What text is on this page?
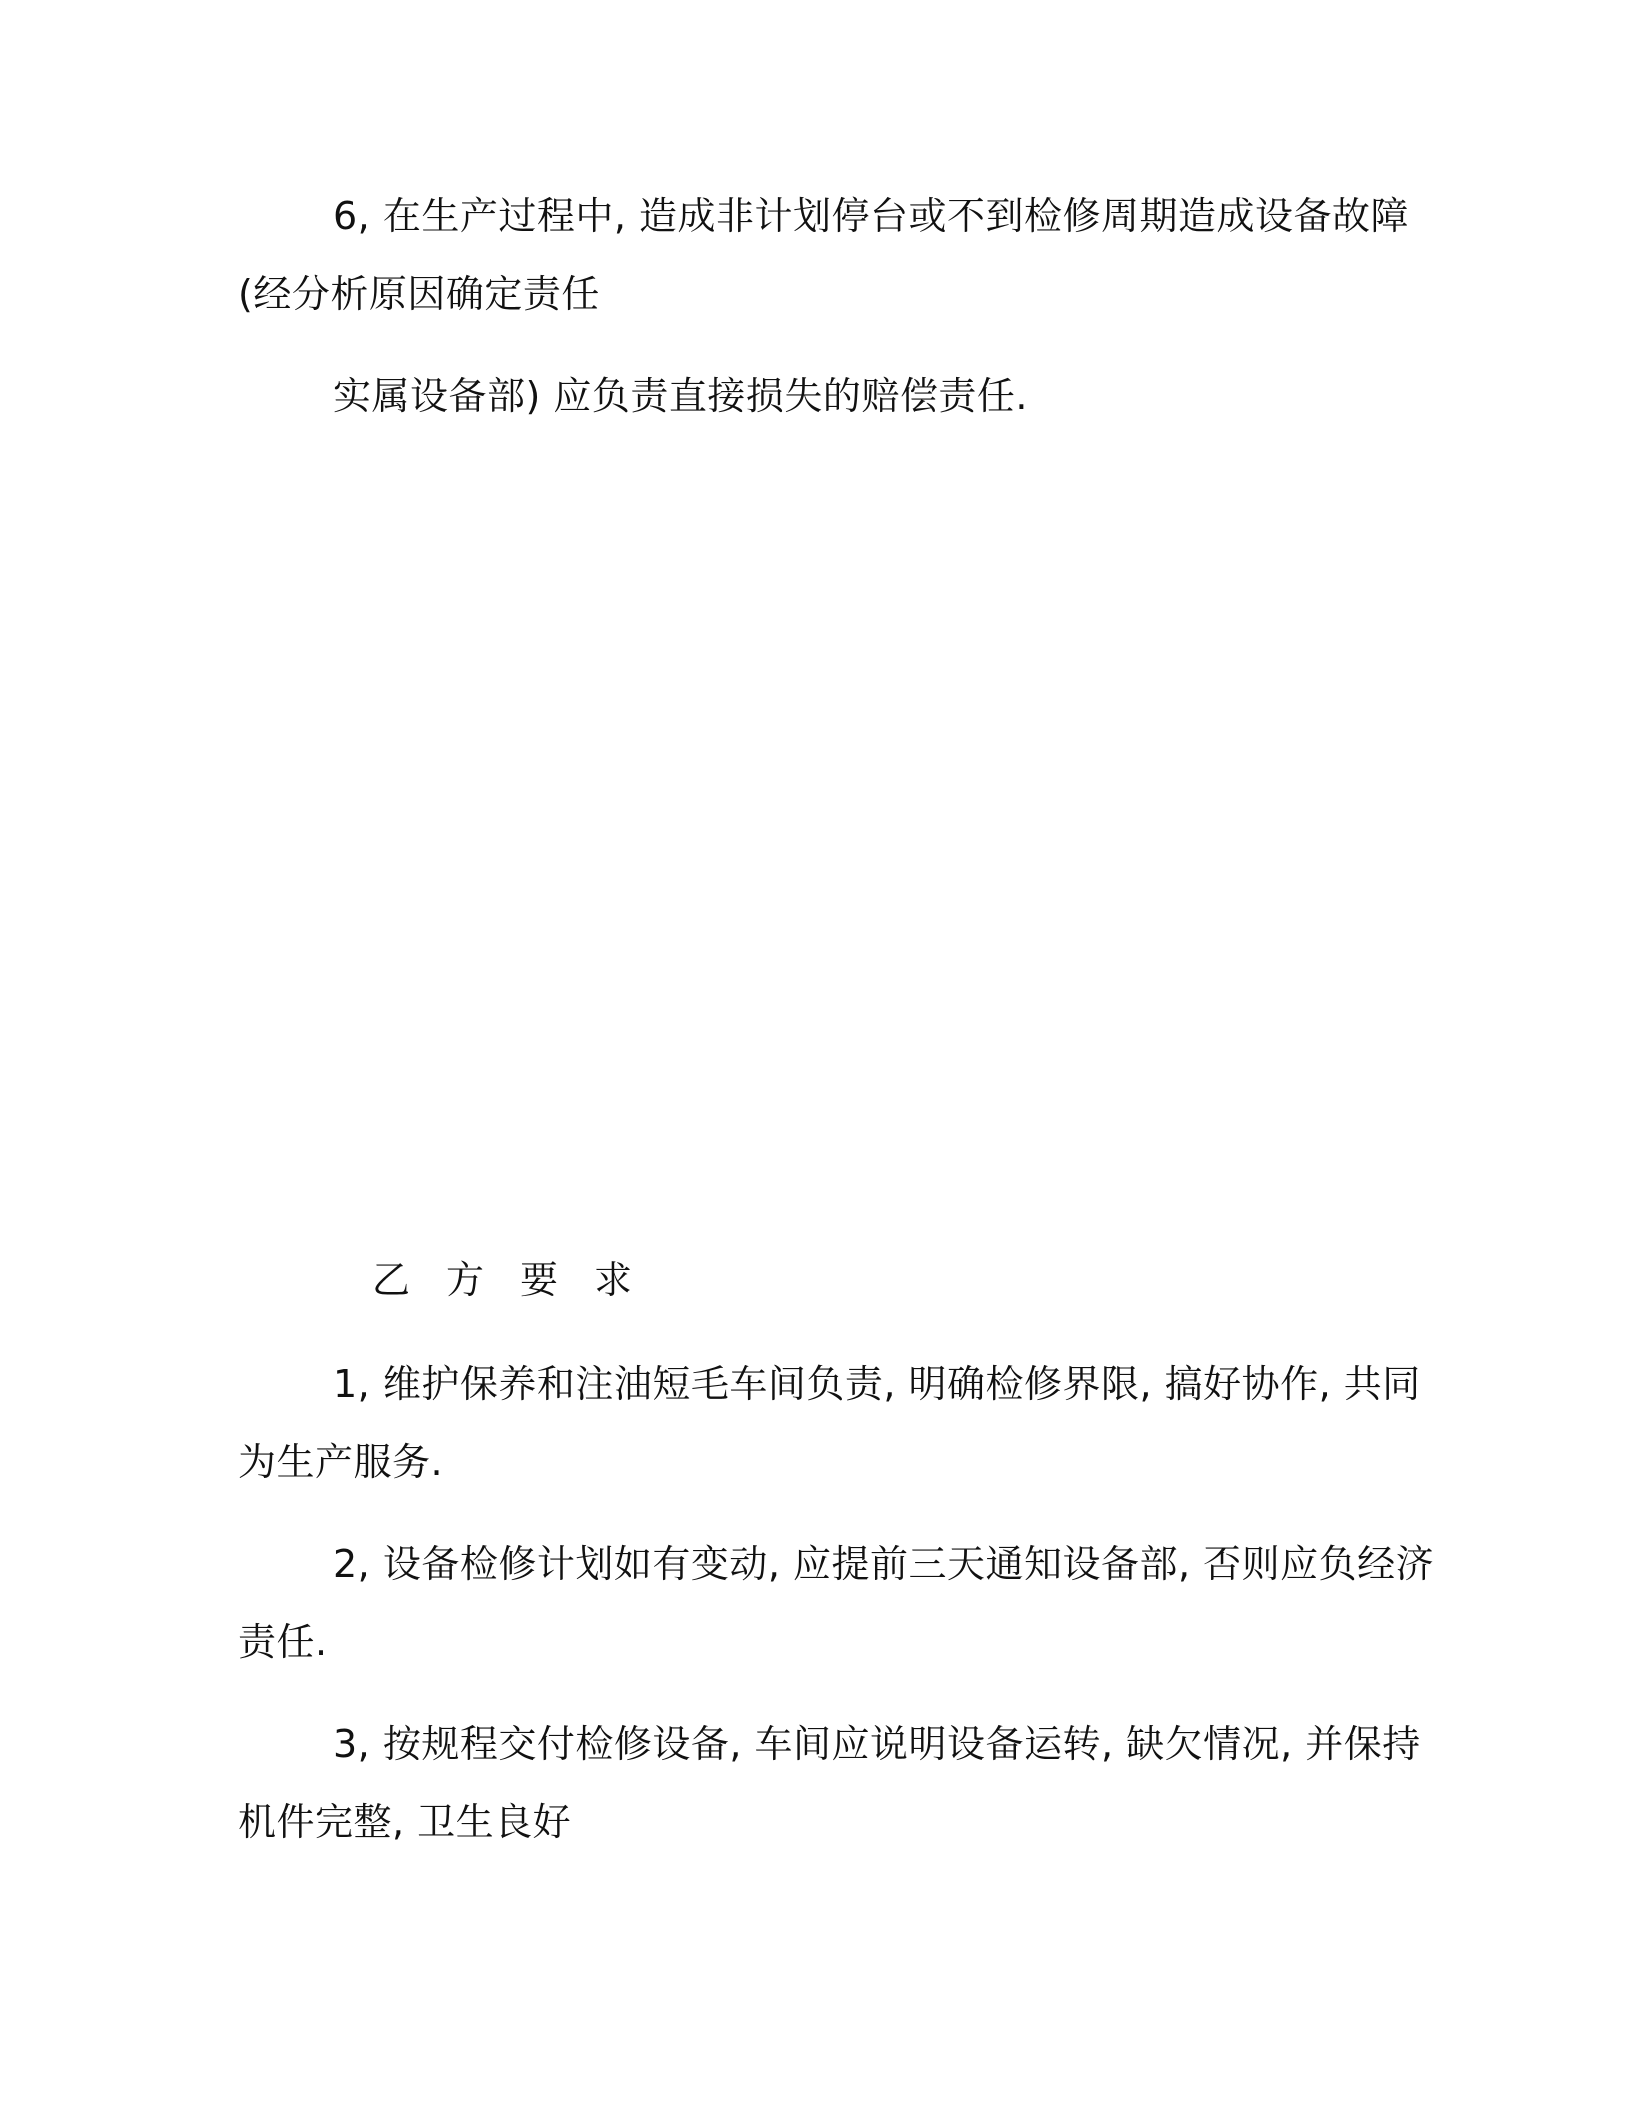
6, 在生产过程中, 造成非计划停台或不到检修周期造成设备故障

(经分析原因确定责任

实属设备部) 应负责直接损失的赔偿责任.

乙方要求

1, 维护保养和注油短毛车间负责, 明确检修界限, 搞好协作, 共同

为生产服务.

2, 设备检修计划如有变动, 应提前三天通知设备部, 否则应负经济

责任.

3, 按规程交付检修设备, 车间应说明设备运转, 缺欠情况, 并保持

机件完整, 卫生良好
